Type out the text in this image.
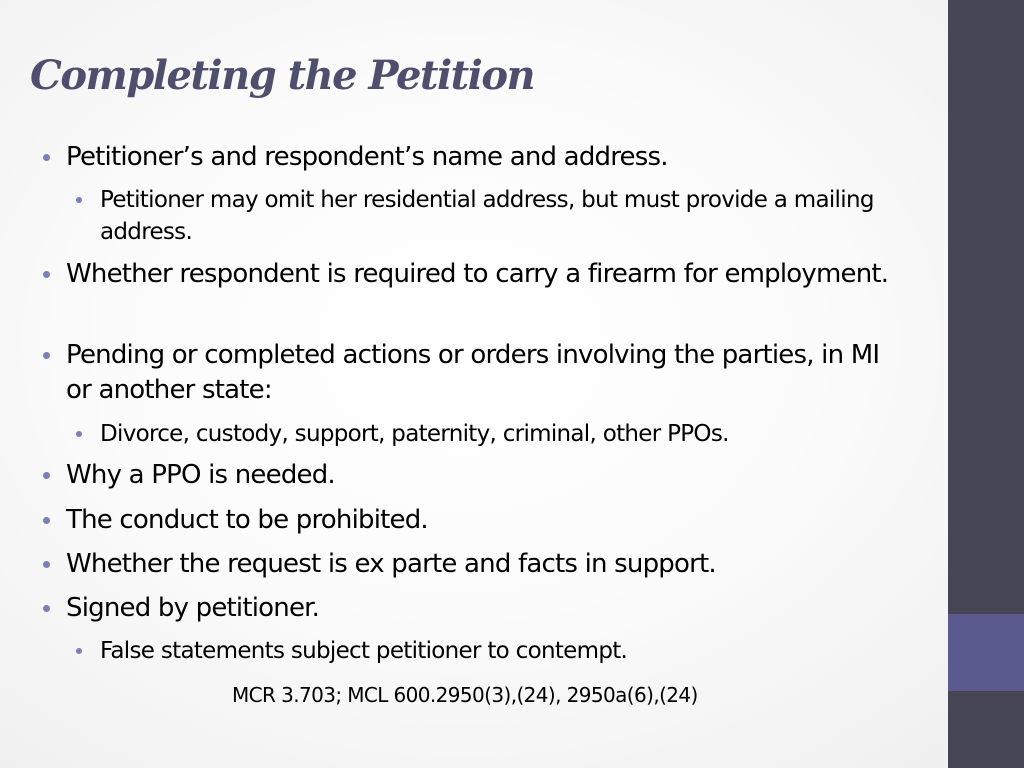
Completing the Petition
Petitioner’s and respondent’s name and address.
Petitioner may omit her residential address, but must provide a mailing address.
Whether respondent is required to carry a firearm for employment.
Pending or completed actions or orders involving the parties, in MI or another state:
Divorce, custody, support, paternity, criminal, other PPOs.
Why a PPO is needed.
The conduct to be prohibited.
Whether the request is ex parte and facts in support.
Signed by petitioner.
False statements subject petitioner to contempt.
MCR 3.703; MCL 600.2950(3),(24), 2950a(6),(24)
